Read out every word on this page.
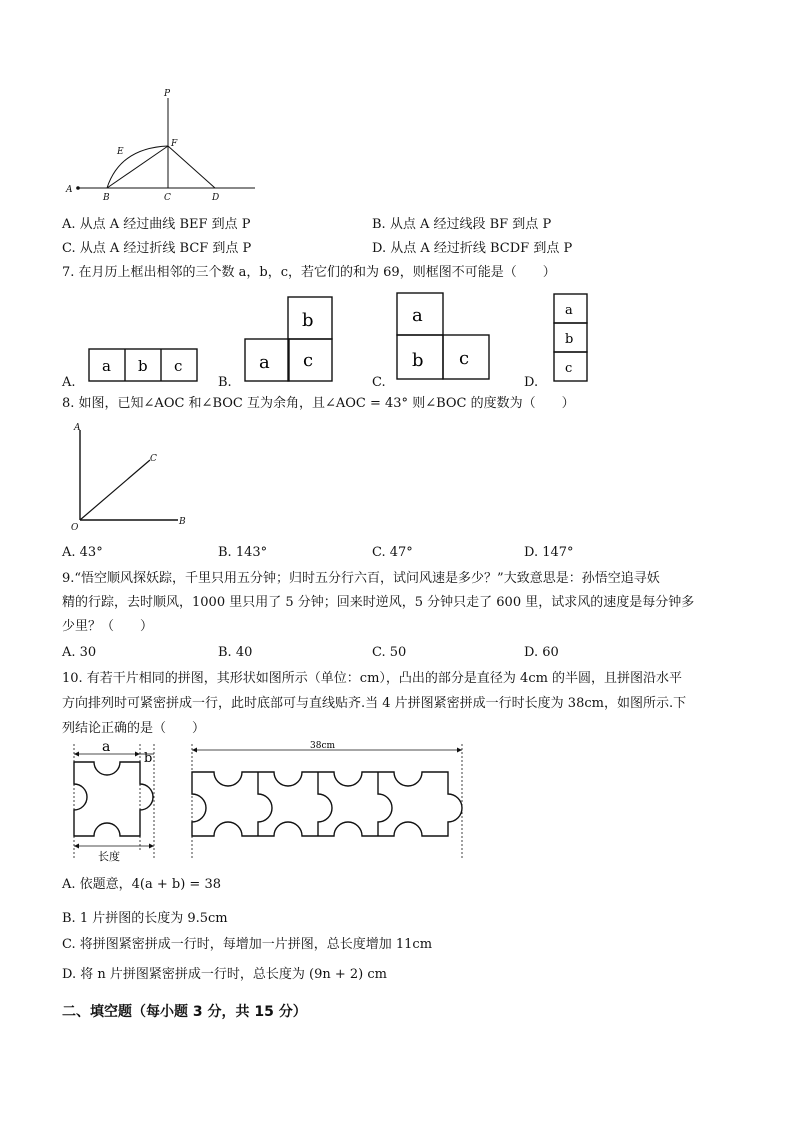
P
E
F
A
B	C	D
A. 从点 A 经过曲线 BEF 到点 P	B. 从点 A 经过线段 BF 到点 P
C. 从点 A 经过折线 BCF 到点 P	D. 从点 A 经过折线 BCDF 到点 P
7. 在月历上框出相邻的三个数 a，b，c，若它们的和为 69，则框图不可能是（　　）
A.
a b c
B.
b
a c
C.
a
b c
D.
a
b
c
8. 如图，已知∠AOC 和∠BOC 互为余角，且∠AOC = 43° 则∠BOC 的度数为（　　）
A
C
O
B
A. 43°	B. 143°	C. 47°	D. 147°
9.“悟空顺风探妖踪，千里只用五分钟；归时五分行六百，试问风速是多少？”大致意思是：孙悟空追寻妖
精的行踪，去时顺风，1000 里只用了 5 分钟；回来时逆风，5 分钟只走了 600 里，试求风的速度是每分钟多
少里？（　　）
A. 30	B. 40	C. 50	D. 60
10. 有若干片相同的拼图，其形状如图所示（单位：cm），凸出的部分是直径为 4cm 的半圆，且拼图沿水平
方向排列时可紧密拼成一行，此时底部可与直线贴齐.当 4 片拼图紧密拼成一行时长度为 38cm，如图所示.下
列结论正确的是（　　）
a
b
长度
38cm
A. 依题意，4(a + b) = 38
B. 1 片拼图的长度为 9.5cm
C. 将拼图紧密拼成一行时，每增加一片拼图，总长度增加 11cm
D. 将 n 片拼图紧密拼成一行时，总长度为 (9n + 2) cm
二、填空题（每小题 3 分，共 15 分）
